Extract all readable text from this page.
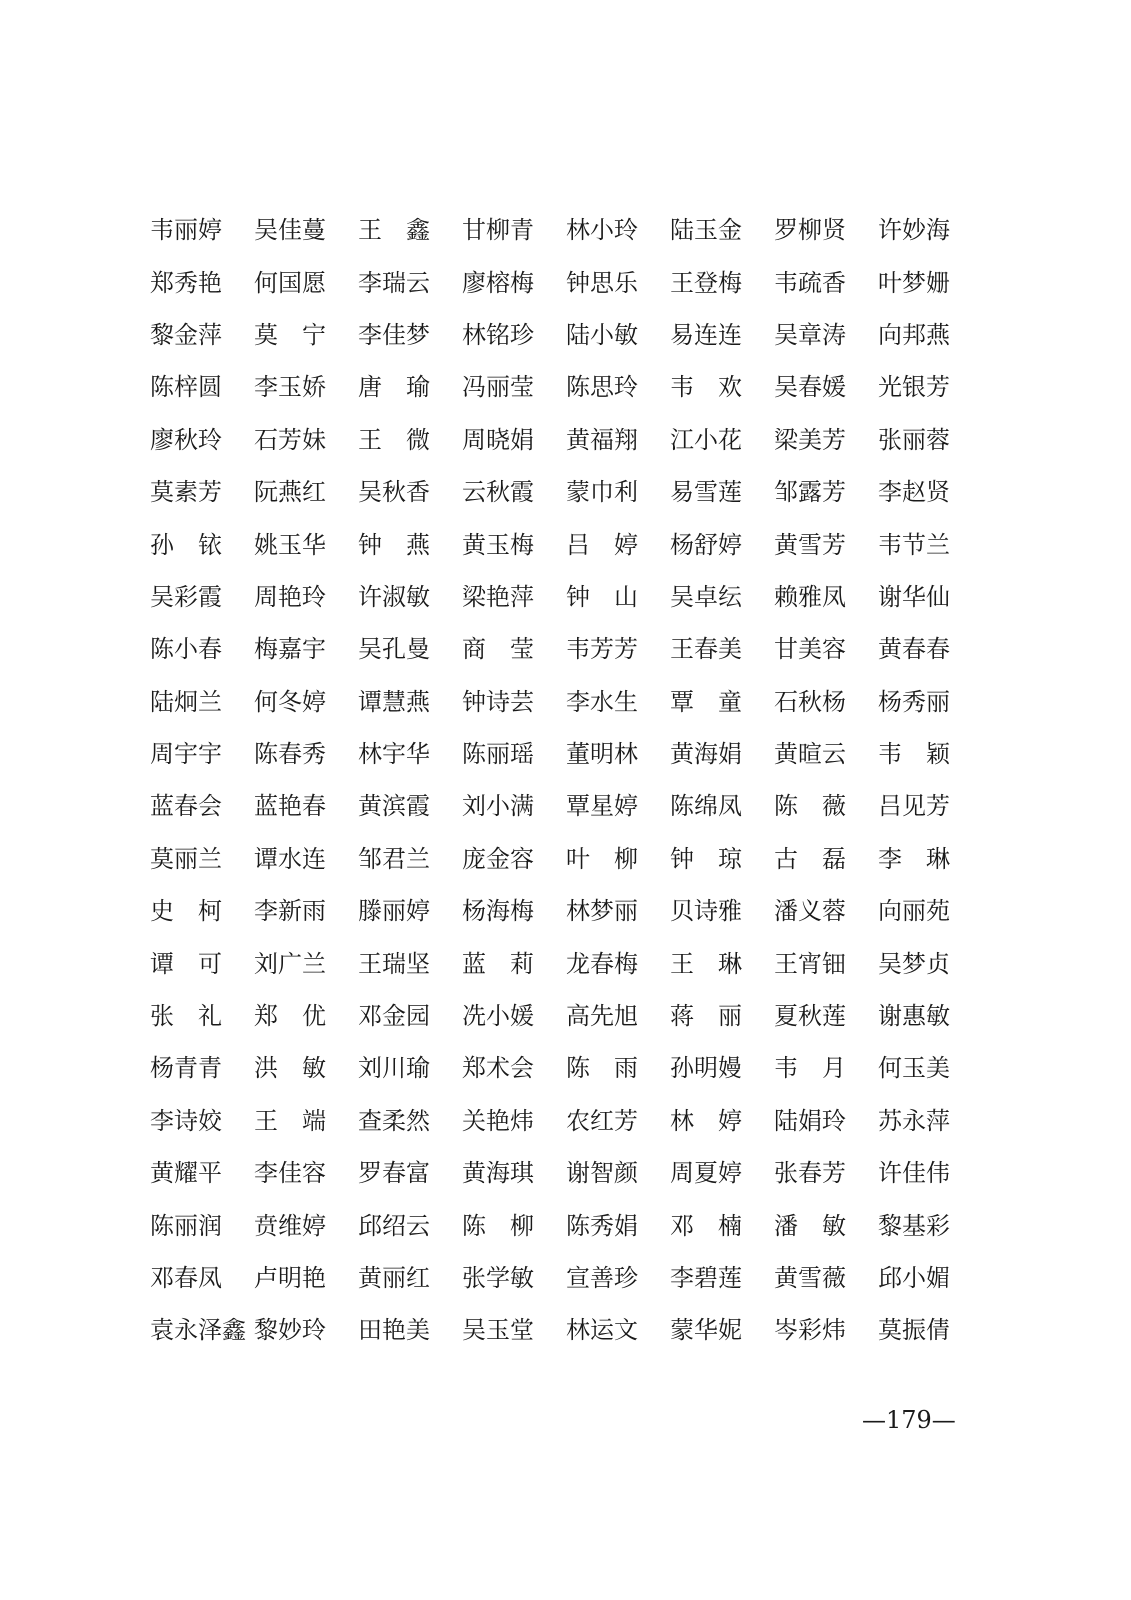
韦丽婷	吴佳蔓	王　鑫	甘柳青	林小玲	陆玉金	罗柳贤	许妙海
郑秀艳	何国愿	李瑞云	廖榕梅	钟思乐	王登梅	韦疏香	叶梦姗
黎金萍	莫　宁	李佳梦	林铭珍	陆小敏	易连连	吴章涛	向邦燕
陈梓圆	李玉娇	唐　瑜	冯丽莹	陈思玲	韦　欢	吴春媛	光银芳
廖秋玲	石芳妹	王　微	周晓娟	黄福翔	江小花	梁美芳	张丽蓉
莫素芳	阮燕红	吴秋香	云秋霞	蒙巾利	易雪莲	邹露芳	李赵贤
孙　铱	姚玉华	钟　燕	黄玉梅	吕　婷	杨舒婷	黄雪芳	韦节兰
吴彩霞	周艳玲	许淑敏	梁艳萍	钟　山	吴卓纭	赖雅凤	谢华仙
陈小春	梅嘉宇	吴孔曼	商　莹	韦芳芳	王春美	甘美容	黄春春
陆炯兰	何冬婷	谭慧燕	钟诗芸	李水生	覃　童	石秋杨	杨秀丽
周宇宇	陈春秀	林宇华	陈丽瑶	董明林	黄海娟	黄暄云	韦　颖
蓝春会	蓝艳春	黄滨霞	刘小满	覃星婷	陈绵凤	陈　薇	吕见芳
莫丽兰	谭水连	邹君兰	庞金容	叶　柳	钟　琼	古　磊	李　琳
史　柯	李新雨	滕丽婷	杨海梅	林梦丽	贝诗雅	潘义蓉	向丽苑
谭　可	刘广兰	王瑞坚	蓝　莉	龙春梅	王　琳	王宵钿	吴梦贞
张　礼	郑　优	邓金园	冼小媛	高先旭	蒋　丽	夏秋莲	谢惠敏
杨青青	洪　敏	刘川瑜	郑术会	陈　雨	孙明嫚	韦　月	何玉美
李诗姣	王　端	查柔然	关艳炜	农红芳	林　婷	陆娟玲	苏永萍
黄耀平	李佳容	罗春富	黄海琪	谢智颜	周夏婷	张春芳	许佳伟
陈丽润	贲维婷	邱绍云	陈　柳	陈秀娟	邓　楠	潘　敏	黎基彩
邓春凤	卢明艳	黄丽红	张学敏	宣善珍	李碧莲	黄雪薇	邱小媚
袁永泽鑫 黎妙玲	田艳美	吴玉堂	林运文	蒙华妮	岑彩炜	莫振倩
—179—
